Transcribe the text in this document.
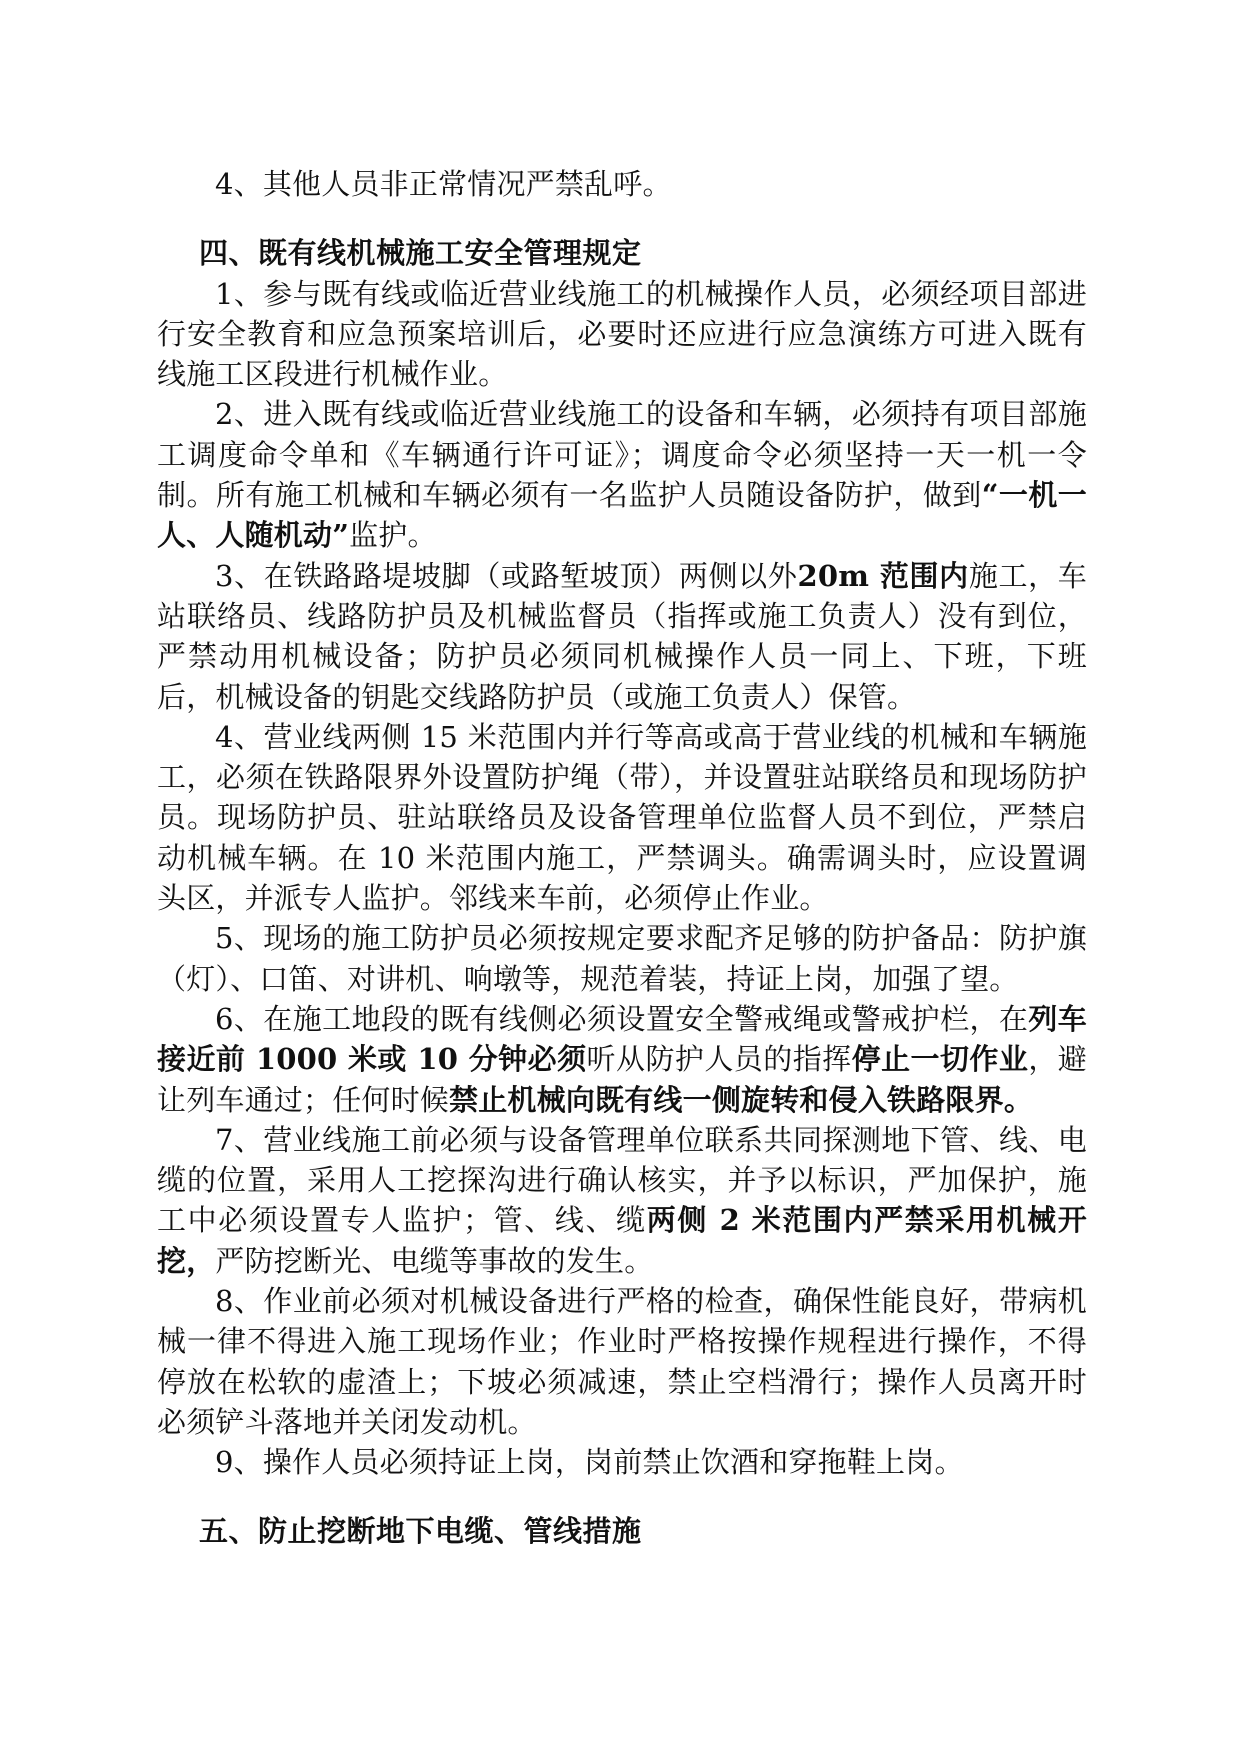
4、其他人员非正常情况严禁乱呼。

四、既有线机械施工安全管理规定

1、参与既有线或临近营业线施工的机械操作人员，必须经项目部进行安全教育和应急预案培训后，必要时还应进行应急演练方可进入既有线施工区段进行机械作业。

2、进入既有线或临近营业线施工的设备和车辆，必须持有项目部施工调度命令单和《车辆通行许可证》；调度命令必须坚持一天一机一令制。所有施工机械和车辆必须有一名监护人员随设备防护，做到“一机一人、人随机动”监护。

3、在铁路路堤坡脚（或路堑坡顶）两侧以外20m 范围内施工，车站联络员、线路防护员及机械监督员（指挥或施工负责人）没有到位，严禁动用机械设备；防护员必须同机械操作人员一同上、下班，下班后，机械设备的钥匙交线路防护员（或施工负责人）保管。

4、营业线两侧 15 米范围内并行等高或高于营业线的机械和车辆施工，必须在铁路限界外设置防护绳（带），并设置驻站联络员和现场防护员。现场防护员、驻站联络员及设备管理单位监督人员不到位，严禁启动机械车辆。在 10 米范围内施工，严禁调头。确需调头时，应设置调头区，并派专人监护。邻线来车前，必须停止作业。

5、现场的施工防护员必须按规定要求配齐足够的防护备品：防护旗（灯）、口笛、对讲机、响墩等，规范着装，持证上岗，加强了望。

6、在施工地段的既有线侧必须设置安全警戒绳或警戒护栏，在列车接近前 1000 米或 10 分钟必须听从防护人员的指挥停止一切作业，避让列车通过；任何时候禁止机械向既有线一侧旋转和侵入铁路限界。

7、营业线施工前必须与设备管理单位联系共同探测地下管、线、电缆的位置，采用人工挖探沟进行确认核实，并予以标识，严加保护，施工中必须设置专人监护；管、线、缆两侧 2 米范围内严禁采用机械开挖，严防挖断光、电缆等事故的发生。

8、作业前必须对机械设备进行严格的检查，确保性能良好，带病机械一律不得进入施工现场作业；作业时严格按操作规程进行操作，不得停放在松软的虚渣上；下坡必须减速，禁止空档滑行；操作人员离开时必须铲斗落地并关闭发动机。

9、操作人员必须持证上岗，岗前禁止饮酒和穿拖鞋上岗。

五、防止挖断地下电缆、管线措施
